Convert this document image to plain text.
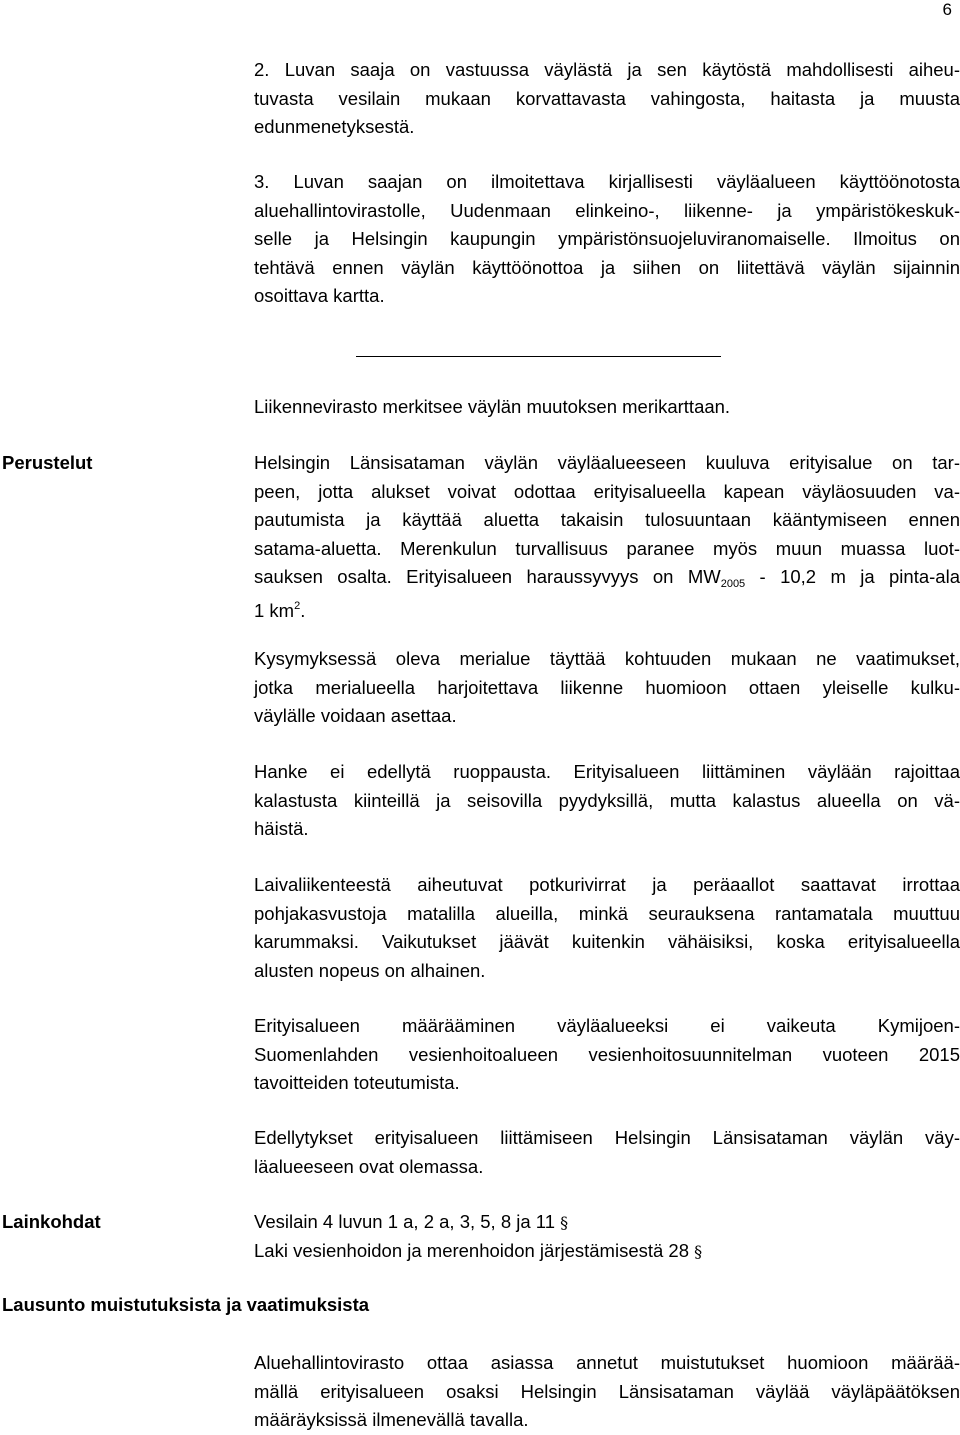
6

2. Luvan saaja on vastuussa väylästä ja sen käytöstä mahdollisesti aiheu-
tuvasta vesilain mukaan korvattavasta vahingosta, haitasta ja muusta
edunmenetyksestä.

3. Luvan saajan on ilmoitettava kirjallisesti väyläalueen käyttöönotosta
aluehallintovirastolle, Uudenmaan elinkeino-, liikenne- ja ympäristökeskuk-
selle ja Helsingin kaupungin ympäristönsuojeluviranomaiselle. Ilmoitus on
tehtävä ennen väylän käyttöönottoa ja siihen on liitettävä väylän sijainnin
osoittava kartta.

Liikennevirasto merkitsee väylän muutoksen merikarttaan.

Perustelut	Helsingin Länsisataman väylän väyläalueeseen kuuluva erityisalue on tar-
peen, jotta alukset voivat odottaa erityisalueella kapean väyläosuuden va-
pautumista ja käyttää aluetta takaisin tulosuuntaan kääntymiseen ennen
satama-aluetta. Merenkulun turvallisuus paranee myös muun muassa luot-
sauksen osalta. Erityisalueen haraussyvyys on $MW_{2005} - 10,2$ m ja pinta-ala
1 $km^2$.

Kysymyksessä oleva merialue täyttää kohtuuden mukaan ne vaatimukset,
jotka merialueella harjoitettava liikenne huomioon ottaen yleiselle kulku-
väylälle voidaan asettaa.

Hanke ei edellytä ruoppausta. Erityisalueen liittäminen väylään rajoittaa
kalastusta kiinteillä ja seisovilla pyydyksillä, mutta kalastus alueella on vä-
häistä.

Laivaliikenteestä aiheutuvat potkurivirrat ja peräaallot saattavat irrottaa
pohjakasvustoja matalilla alueilla, minkä seurauksena rantamatala muuttuu
karummaksi. Vaikutukset jäävät kuitenkin vähäisiksi, koska erityisalueella
alusten nopeus on alhainen.

Erityisalueen määrääminen väyläalueeksi ei vaikeuta Kymijoen-
Suomenlahden vesienhoitoalueen vesienhoitosuunnitelman vuoteen 2015
tavoitteiden toteutumista.

Edellytykset erityisalueen liittämiseen Helsingin Länsisataman väylän väy-
läalueeseen ovat olemassa.

Lainkohdat	Vesilain 4 luvun 1 a, 2 a, 3, 5, 8 ja 11 §
Laki vesienhoidon ja merenhoidon järjestämisestä 28 §

Lausunto muistutuksista ja vaatimuksista

Aluehallintovirasto ottaa asiassa annetut muistutukset huomioon määrää-
mällä erityisalueen osaksi Helsingin Länsisataman väylää väyläpäätöksen
määräyksissä ilmenevällä tavalla.
